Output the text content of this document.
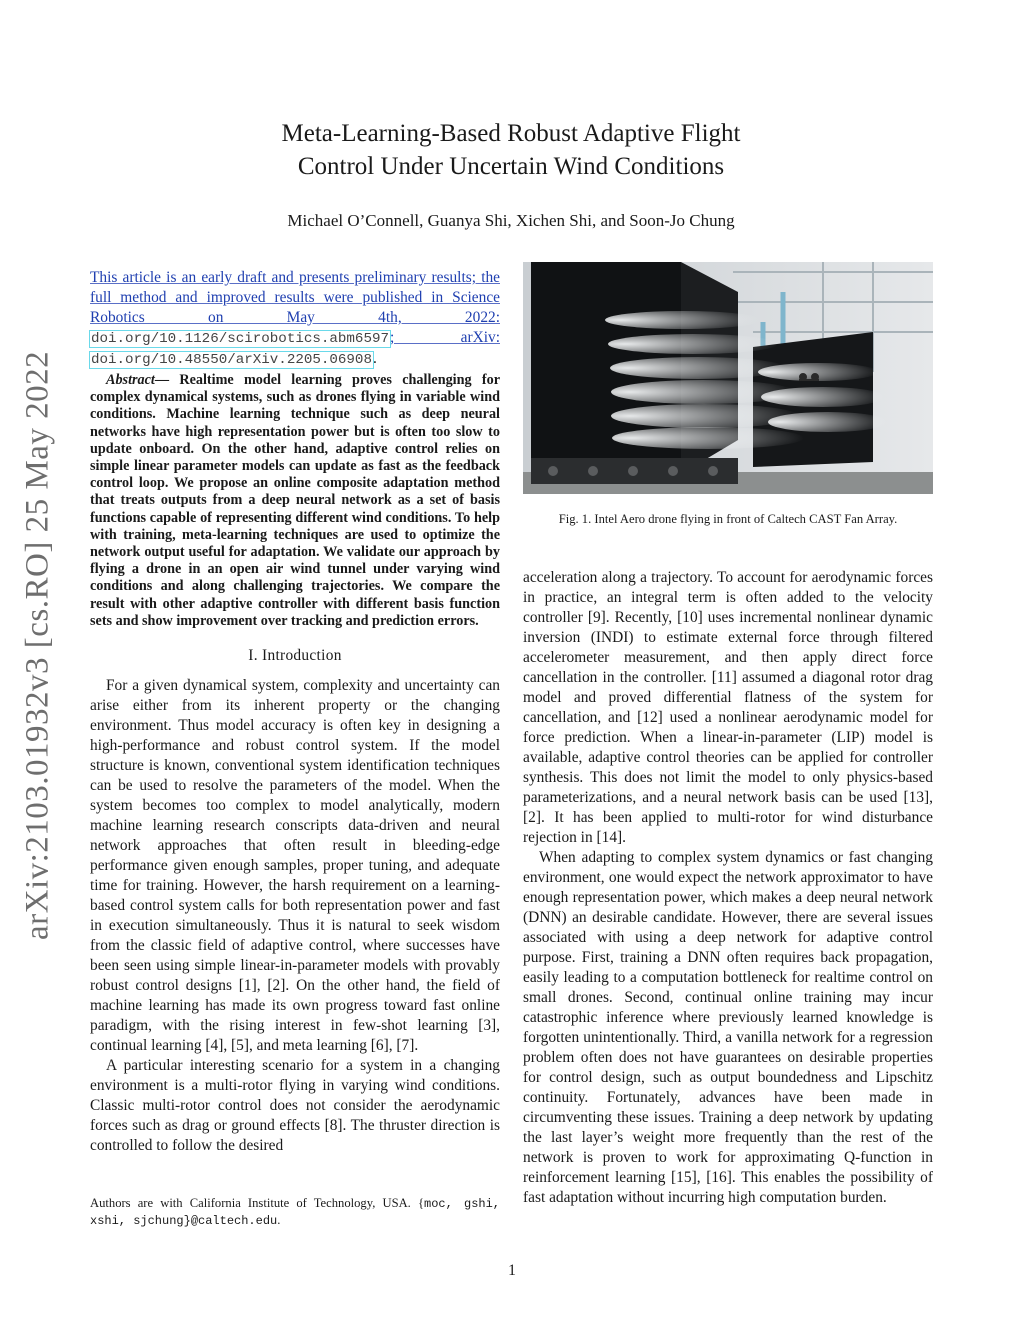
arXiv:2103.01932v3 [cs.RO] 25 May 2022
Meta-Learning-Based Robust Adaptive Flight
Control Under Uncertain Wind Conditions
Michael O’Connell, Guanya Shi, Xichen Shi, and Soon-Jo Chung

This article is an early draft and presents preliminary results; the full method and improved results were published in Science Robotics on May 4th, 2022: doi.org/10.1126/scirobotics.abm6597; arXiv: doi.org/10.48550/arXiv.2205.06908.

Abstract— Realtime model learning proves challenging for complex dynamical systems, such as drones flying in variable wind conditions. Machine learning technique such as deep neural networks have high representation power but is often too slow to update onboard. On the other hand, adaptive control relies on simple linear parameter models can update as fast as the feedback control loop. We propose an online composite adaptation method that treats outputs from a deep neural network as a set of basis functions capable of representing different wind conditions. To help with training, meta-learning techniques are used to optimize the network output useful for adaptation. We validate our approach by flying a drone in an open air wind tunnel under varying wind conditions and along challenging trajectories. We compare the result with other adaptive controller with different basis function sets and show improvement over tracking and prediction errors.

I. Introduction

For a given dynamical system, complexity and uncertainty can arise either from its inherent property or the changing environment. Thus model accuracy is often key in designing a high-performance and robust control system. If the model structure is known, conventional system identification techniques can be used to resolve the parameters of the model. When the system becomes too complex to model analytically, modern machine learning research conscripts data-driven and neural network approaches that often result in bleeding-edge performance given enough samples, proper tuning, and adequate time for training. However, the harsh requirement on a learning-based control system calls for both representation power and fast in execution simultaneously. Thus it is natural to seek wisdom from the classic field of adaptive control, where successes have been seen using simple linear-in-parameter models with provably robust control designs [1], [2]. On the other hand, the field of machine learning has made its own progress toward fast online paradigm, with the rising interest in few-shot learning [3], continual learning [4], [5], and meta learning [6], [7].

A particular interesting scenario for a system in a changing environment is a multi-rotor flying in varying wind conditions. Classic multi-rotor control does not consider the aerodynamic forces such as drag or ground effects [8]. The thruster direction is controlled to follow the desired

Authors are with California Institute of Technology, USA. {moc, gshi, xshi, sjchung}@caltech.edu.
Fig. 1. Intel Aero drone flying in front of Caltech CAST Fan Array.

acceleration along a trajectory. To account for aerodynamic forces in practice, an integral term is often added to the velocity controller [9]. Recently, [10] uses incremental nonlinear dynamic inversion (INDI) to estimate external force through filtered accelerometer measurement, and then apply direct force cancellation in the controller. [11] assumed a diagonal rotor drag model and proved differential flatness of the system for cancellation, and [12] used a nonlinear aerodynamic model for force prediction. When a linear-in-parameter (LIP) model is available, adaptive control theories can be applied for controller synthesis. This does not limit the model to only physics-based parameterizations, and a neural network basis can be used [13], [2]. It has been applied to multi-rotor for wind disturbance rejection in [14].

When adapting to complex system dynamics or fast changing environment, one would expect the network approximator to have enough representation power, which makes a deep neural network (DNN) an desirable candidate. However, there are several issues associated with using a deep network for adaptive control purpose. First, training a DNN often requires back propagation, easily leading to a computation bottleneck for realtime control on small drones. Second, continual online training may incur catastrophic inference where previously learned knowledge is forgotten unintentionally. Third, a vanilla network for a regression problem often does not have guarantees on desirable properties for control design, such as output boundedness and Lipschitz continuity. Fortunately, advances have been made in circumventing these issues. Training a deep network by updating the last layer’s weight more frequently than the rest of the network is proven to work for approximating Q-function in reinforcement learning [15], [16]. This enables the possibility of fast adaptation without incurring high computation burden.

1
